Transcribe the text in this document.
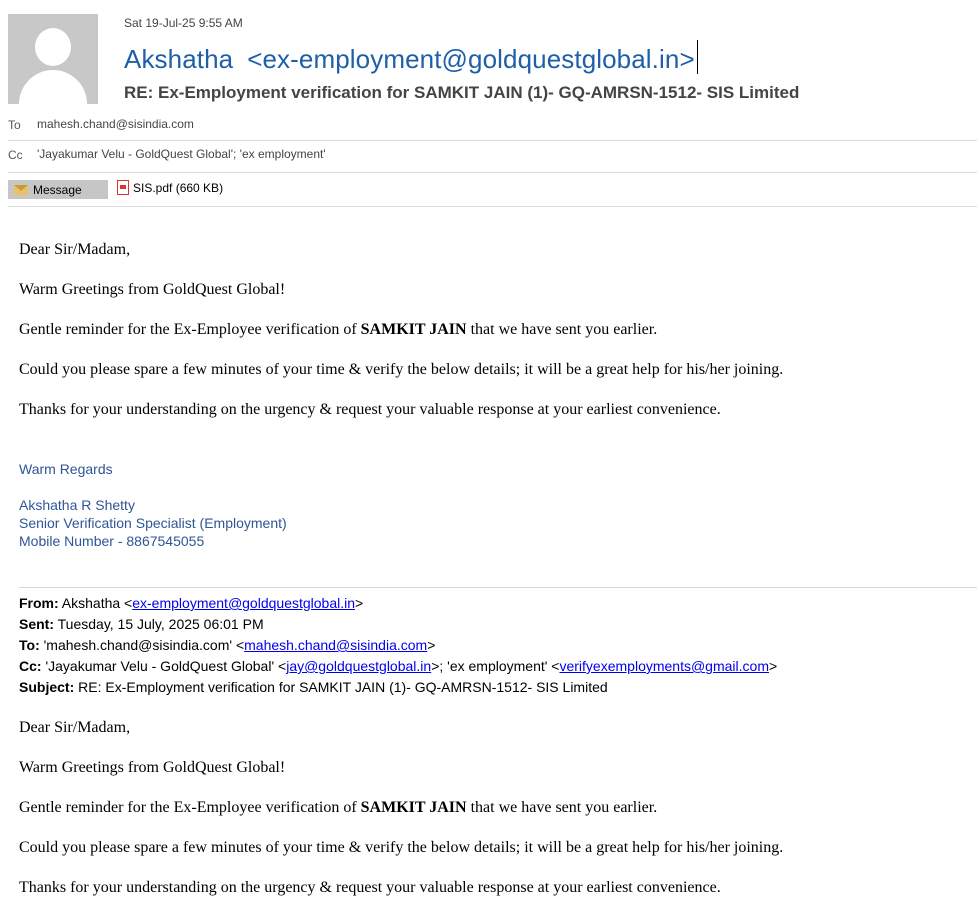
Sat 19-Jul-25 9:55 AM
Akshatha <ex-employment@goldquestglobal.in>
RE: Ex-Employment verification for SAMKIT JAIN (1)- GQ-AMRSN-1512- SIS Limited
To mahesh.chand@sisindia.com
Cc 'Jayakumar Velu - GoldQuest Global'; 'ex employment'
Message	SIS.pdf
(660 KB)
Dear Sir/Madam,
Warm Greetings from GoldQuest Global!
Gentle reminder for the Ex-Employee verification of SAMKIT JAIN that we have sent you earlier.
Could you please spare a few minutes of your time & verify the below details; it will be a great help for his/her joining.
Thanks for your understanding on the urgency & request your valuable response at your earliest convenience.
Warm Regards
Akshatha R Shetty
Senior Verification Specialist (Employment)
Mobile Number - 8867545055
From: Akshatha <ex-employment@goldquestglobal.in>
Sent: Tuesday, 15 July, 2025 06:01 PM
To: 'mahesh.chand@sisindia.com' <mahesh.chand@sisindia.com>
Cc: 'Jayakumar Velu - GoldQuest Global' <jay@goldquestglobal.in>; 'ex employment' <verifyexemployments@gmail.com>
Subject: RE: Ex-Employment verification for SAMKIT JAIN (1)- GQ-AMRSN-1512- SIS Limited
Dear Sir/Madam,
Warm Greetings from GoldQuest Global!
Gentle reminder for the Ex-Employee verification of SAMKIT JAIN that we have sent you earlier.
Could you please spare a few minutes of your time & verify the below details; it will be a great help for his/her joining.
Thanks for your understanding on the urgency & request your valuable response at your earliest convenience.
